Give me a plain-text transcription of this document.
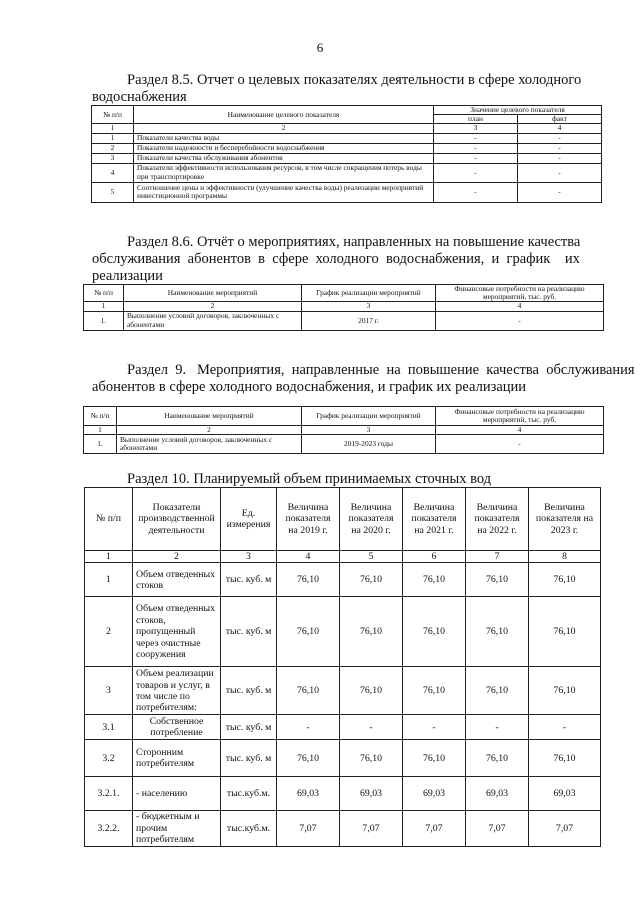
6
Раздел 8.5. Отчет о целевых показателях деятельности в сфере холодного
водоснабжения
№ п/п	Наименование целевого показателя	Значение целевого показателя	
		план	факт
1	2	3	4
1	Показатели качества воды	-	-
2	Показатели надежности и бесперебойности водоснабжения	-	-
3	Показатели качества обслуживания абонентов	-	-
4	Показатели эффективности использования ресурсов, в том числе сокращения потерь воды при транспортировке	-	-
5	Соотношение цены и эффективности (улучшение качества воды) реализации мероприятий инвестиционной программы	-	-
Раздел 8.6. Отчёт о мероприятиях, направленных на повышение качества
обслуживания  абонентов  в  сфере  холодного  водоснабжения,  и  график    их
реализации
№ п/п	Наименование мероприятий	График реализации мероприятий	Финансовые потребности на реализацию мероприятий, тыс. руб.
1	2	3	4
1.	Выполнение условий договоров, заключенных с абонентами	2017 г.	-
Раздел  9.   Мероприятия,  направленные  на  повышение  качества  обслуживания
абонентов в сфере холодного водоснабжения, и график их реализации
№ п/п	Наименование мероприятий	График реализации мероприятий	Финансовые потребности на реализацию мероприятий, тыс. руб.
1	2	3	4
1.	Выполнение условий договоров, заключенных с абонентами	2019-2023 годы	-
Раздел 10. Планируемый объем принимаемых сточных вод
№ п/п	Показатели производственной деятельности	Ед. измерения	Величина показателя на 2019 г.	Величина показателя на 2020 г.	Величина показателя на 2021 г.	Величина показателя на 2022 г.	Величина показателя на 2023 г.
1	2	3	4	5	6	7	8
1	Объем отведенных стоков	тыс. куб. м	76,10	76,10	76,10	76,10	76,10
2	Объем отведенных стоков, пропущенный через очистные сооружения	тыс. куб. м	76,10	76,10	76,10	76,10	76,10
3	Объем реализации товаров и услуг, в том числе по потребителям:	тыс. куб. м	76,10	76,10	76,10	76,10	76,10
3.1	Собственное потребление	тыс. куб. м	-	-	-	-	-
3.2	Сторонним потребителям	тыс. куб. м	76,10	76,10	76,10	76,10	76,10
3.2.1.	- населению	тыс.куб.м.	69,03	69,03	69,03	69,03	69,03
3.2.2.	- бюджетным и прочим потребителям	тыс.куб.м.	7,07	7,07	7,07	7,07	7,07
